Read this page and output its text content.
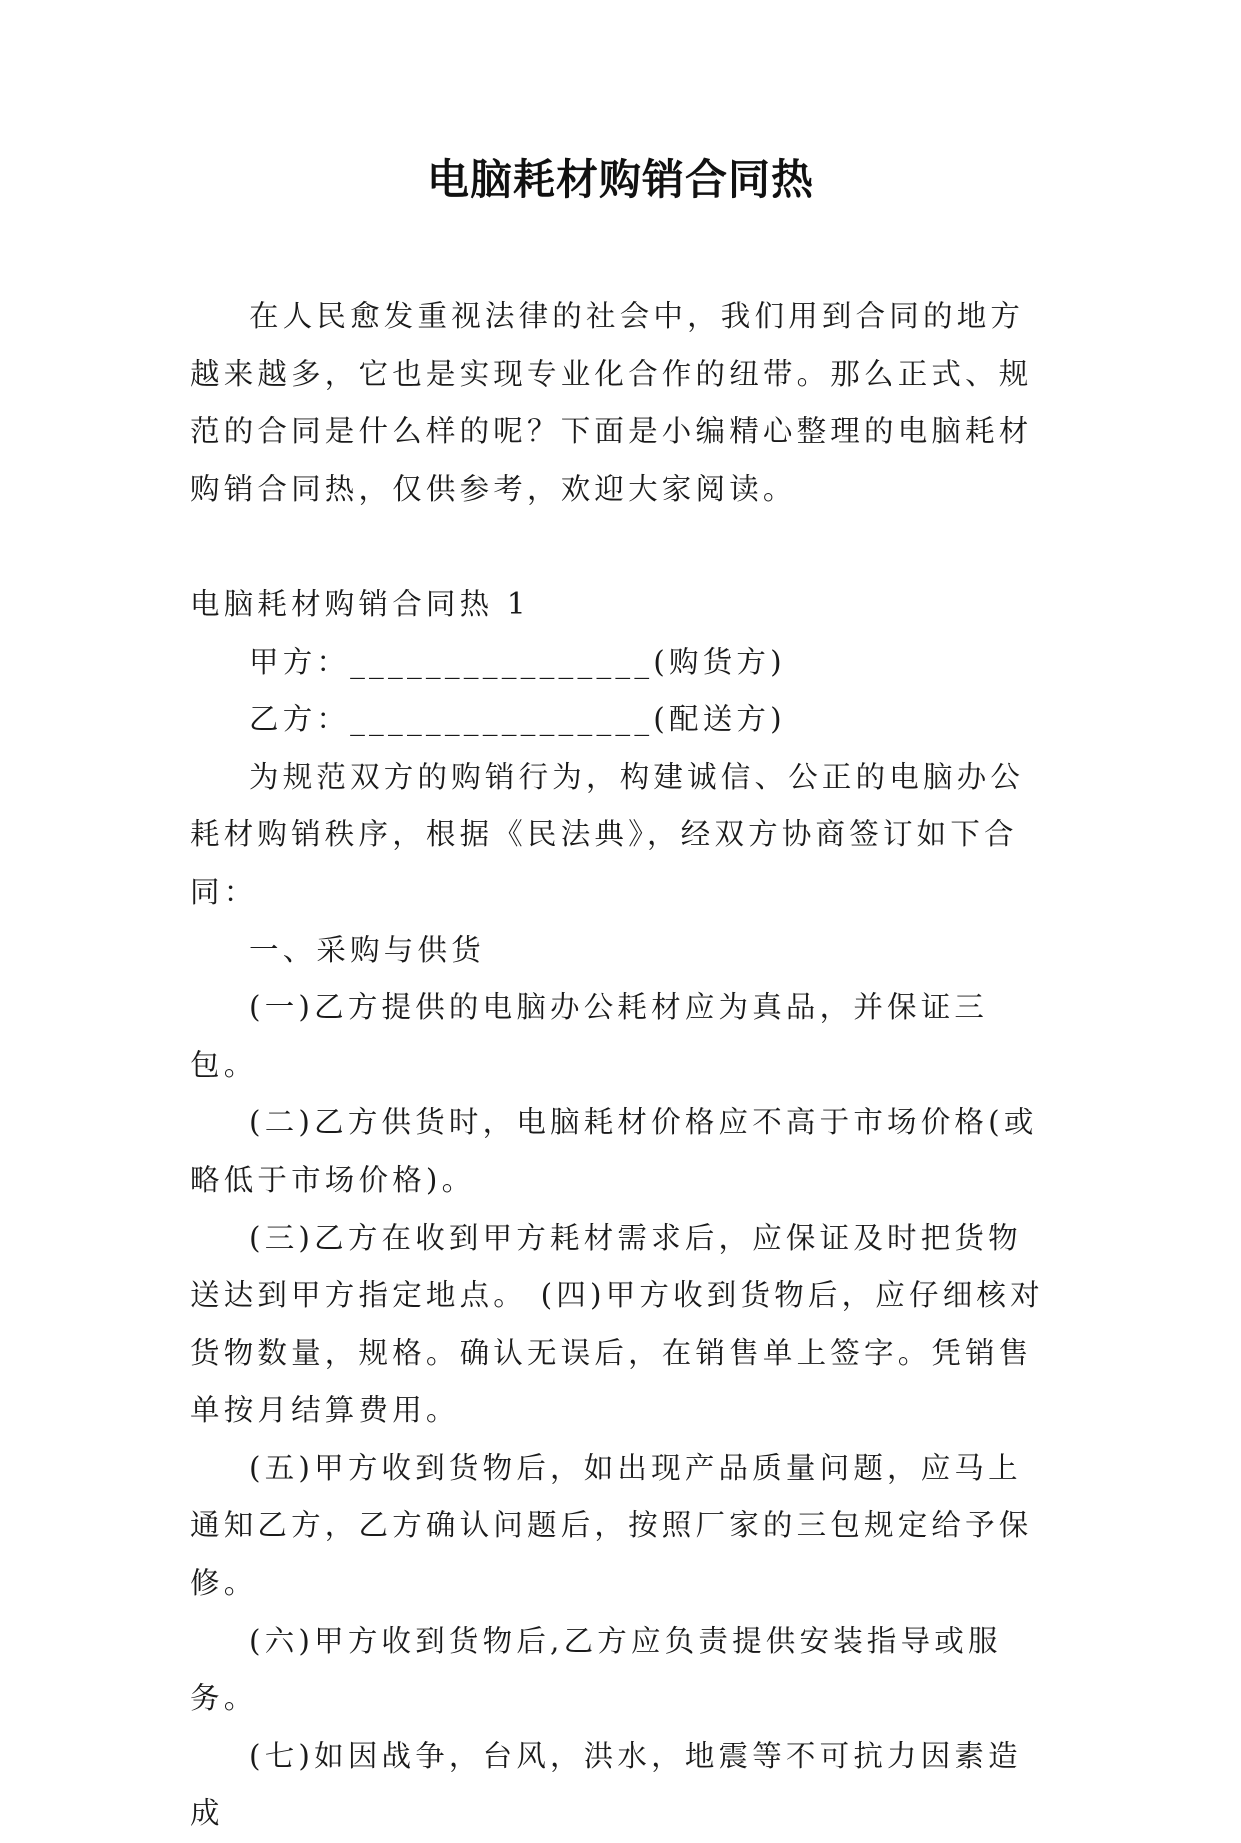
电脑耗材购销合同热

在人民愈发重视法律的社会中，我们用到合同的地方越来越多，它也是实现专业化合作的纽带。那么正式、规范的合同是什么样的呢？下面是小编精心整理的电脑耗材购销合同热，仅供参考，欢迎大家阅读。

电脑耗材购销合同热 1

甲方：________________(购货方)

乙方：________________(配送方)

为规范双方的购销行为，构建诚信、公正的电脑办公耗材购销秩序，根据《民法典》，经双方协商签订如下合同：

一、采购与供货

(一)乙方提供的电脑办公耗材应为真品，并保证三包。

(二)乙方供货时，电脑耗材价格应不高于市场价格(或略低于市场价格)。

(三)乙方在收到甲方耗材需求后，应保证及时把货物送达到甲方指定地点。 (四)甲方收到货物后，应仔细核对货物数量，规格。确认无误后，在销售单上签字。凭销售单按月结算费用。

(五)甲方收到货物后，如出现产品质量问题，应马上通知乙方，乙方确认问题后，按照厂家的三包规定给予保修。

(六)甲方收到货物后,乙方应负责提供安装指导或服务。

(七)如因战争，台风，洪水，地震等不可抗力因素造成
